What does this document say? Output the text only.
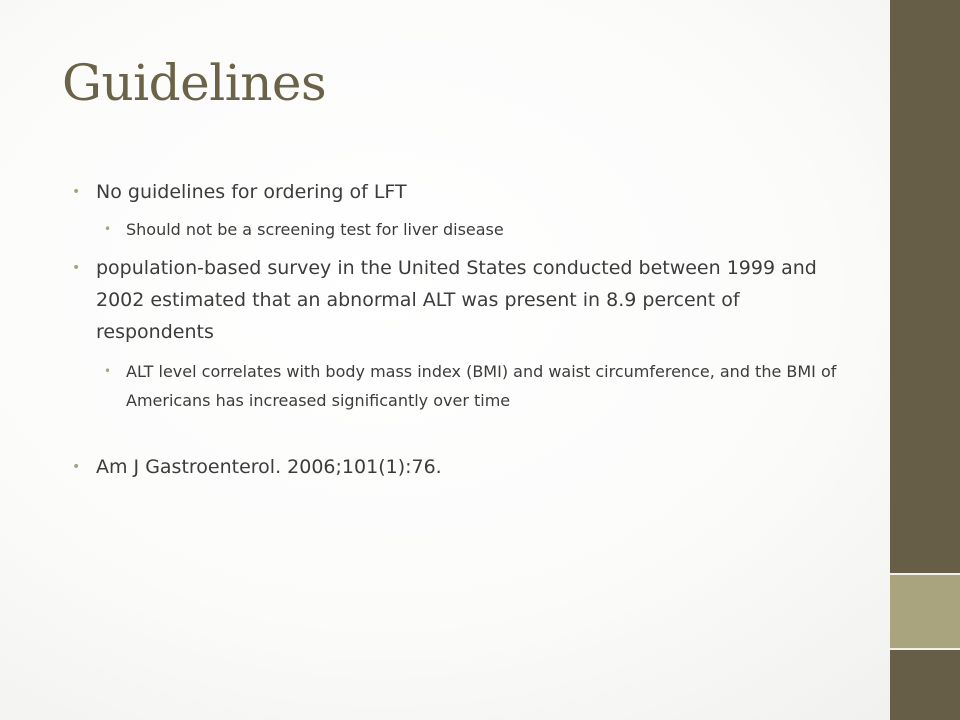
Guidelines
• No guidelines for ordering of LFT
• Should not be a screening test for liver disease
• population-based survey in the United States conducted between 1999 and 2002 estimated that an abnormal ALT was present in 8.9 percent of respondents
• ALT level correlates with body mass index (BMI) and waist circumference, and the BMI of Americans has increased significantly over time
• Am J Gastroenterol. 2006;101(1):76.
